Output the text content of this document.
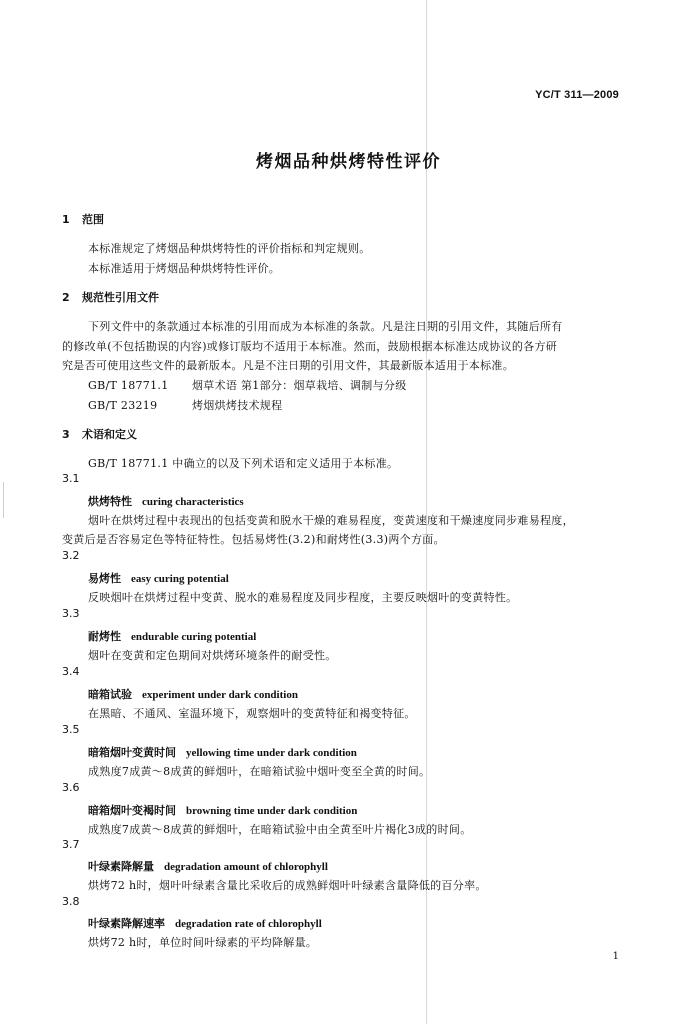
YC/T 311—2009
烤烟品种烘烤特性评价
1 范围
本标准规定了烤烟品种烘烤特性的评价指标和判定规则。
本标准适用于烤烟品种烘烤特性评价。
2 规范性引用文件
下列文件中的条款通过本标准的引用而成为本标准的条款。凡是注日期的引用文件，其随后所有
的修改单(不包括勘误的内容)或修订版均不适用于本标准。然而，鼓励根据本标准达成协议的各方研
究是否可使用这些文件的最新版本。凡是不注日期的引用文件，其最新版本适用于本标准。
GB/T 18771.1 烟草术语 第1部分：烟草栽培、调制与分级
GB/T 23219	烤烟烘烤技术规程
3 术语和定义
GB/T 18771.1 中确立的以及下列术语和定义适用于本标准。
3.1
烘烤特性 curing characteristics
烟叶在烘烤过程中表现出的包括变黄和脱水干燥的难易程度，变黄速度和干燥速度同步难易程度，
变黄后是否容易定色等特征特性。包括易烤性(3.2)和耐烤性(3.3)两个方面。
3.2
易烤性 easy curing potential
反映烟叶在烘烤过程中变黄、脱水的难易程度及同步程度，主要反映烟叶的变黄特性。
3.3
耐烤性 endurable curing potential
烟叶在变黄和定色期间对烘烤环境条件的耐受性。
3.4
暗箱试验 experiment under dark condition
在黑暗、不通风、室温环境下，观察烟叶的变黄特征和褐变特征。
3.5
暗箱烟叶变黄时间 yellowing time under dark condition
成熟度7成黄～8成黄的鲜烟叶，在暗箱试验中烟叶变至全黄的时间。
3.6
暗箱烟叶变褐时间 browning time under dark condition
成熟度7成黄～8成黄的鲜烟叶，在暗箱试验中由全黄至叶片褐化3成的时间。
3.7
叶绿素降解量 degradation amount of chlorophyll
烘烤72 h时，烟叶叶绿素含量比采收后的成熟鲜烟叶叶绿素含量降低的百分率。
3.8
叶绿素降解速率 degradation rate of chlorophyll
烘烤72 h时，单位时间叶绿素的平均降解量。
1
